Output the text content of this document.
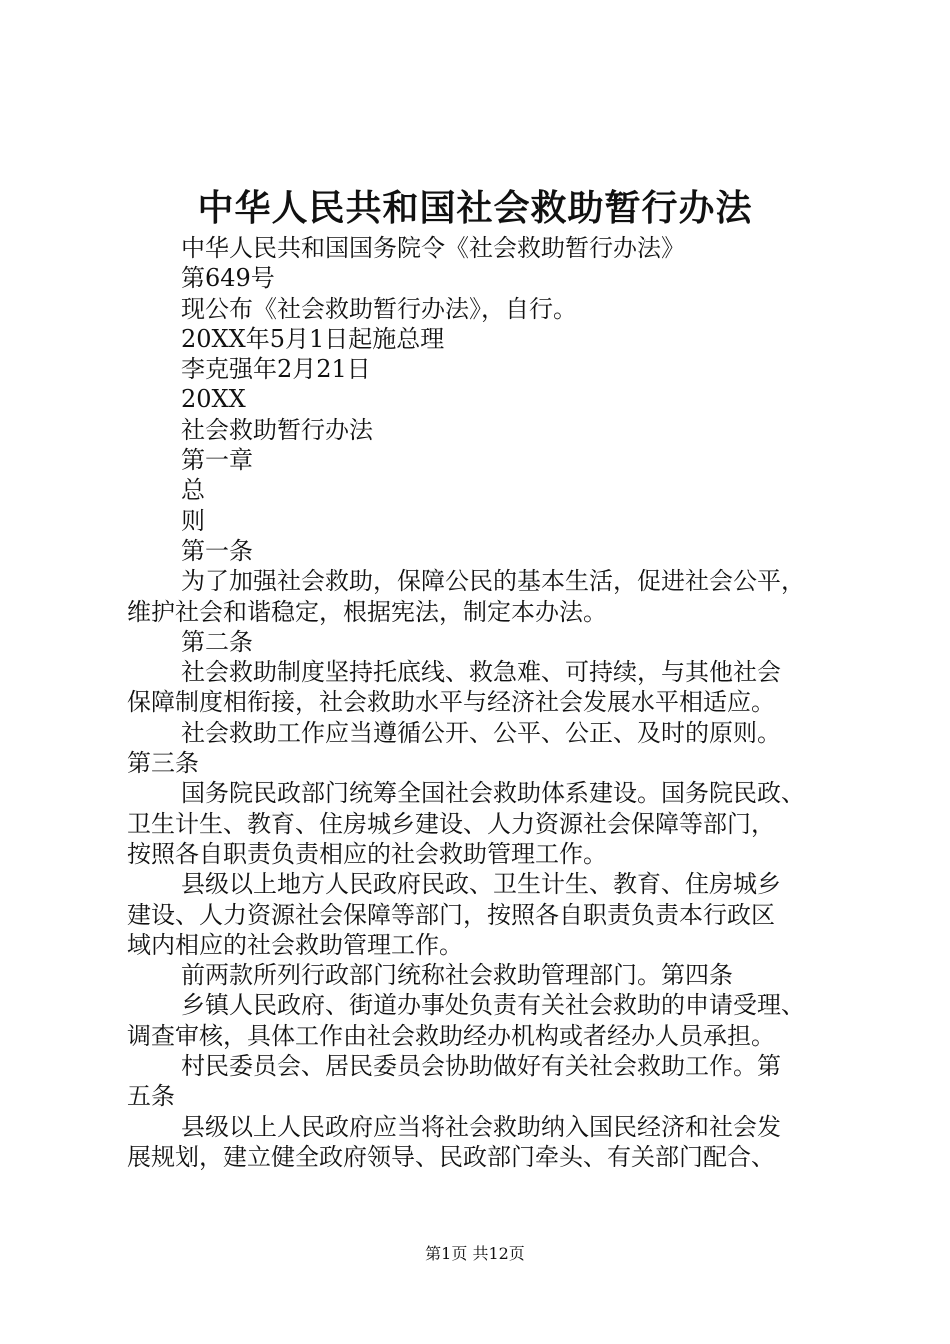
中华人民共和国社会救助暂行办法
中华人民共和国国务院令《社会救助暂行办法》
第649号
现公布《社会救助暂行办法》，自行。
20XX年5月1日起施总理
李克强年2月21日
20XX
社会救助暂行办法
第一章
总
则
第一条
为了加强社会救助，保障公民的基本生活，促进社会公平，
维护社会和谐稳定，根据宪法，制定本办法。
第二条
社会救助制度坚持托底线、救急难、可持续，与其他社会
保障制度相衔接，社会救助水平与经济社会发展水平相适应。
社会救助工作应当遵循公开、公平、公正、及时的原则。
第三条
国务院民政部门统筹全国社会救助体系建设。国务院民政、
卫生计生、教育、住房城乡建设、人力资源社会保障等部门，
按照各自职责负责相应的社会救助管理工作。
县级以上地方人民政府民政、卫生计生、教育、住房城乡
建设、人力资源社会保障等部门，按照各自职责负责本行政区
域内相应的社会救助管理工作。
前两款所列行政部门统称社会救助管理部门。第四条
乡镇人民政府、街道办事处负责有关社会救助的申请受理、
调查审核，具体工作由社会救助经办机构或者经办人员承担。
村民委员会、居民委员会协助做好有关社会救助工作。第
五条
县级以上人民政府应当将社会救助纳入国民经济和社会发
展规划，建立健全政府领导、民政部门牵头、有关部门配合、
第1页 共12页
